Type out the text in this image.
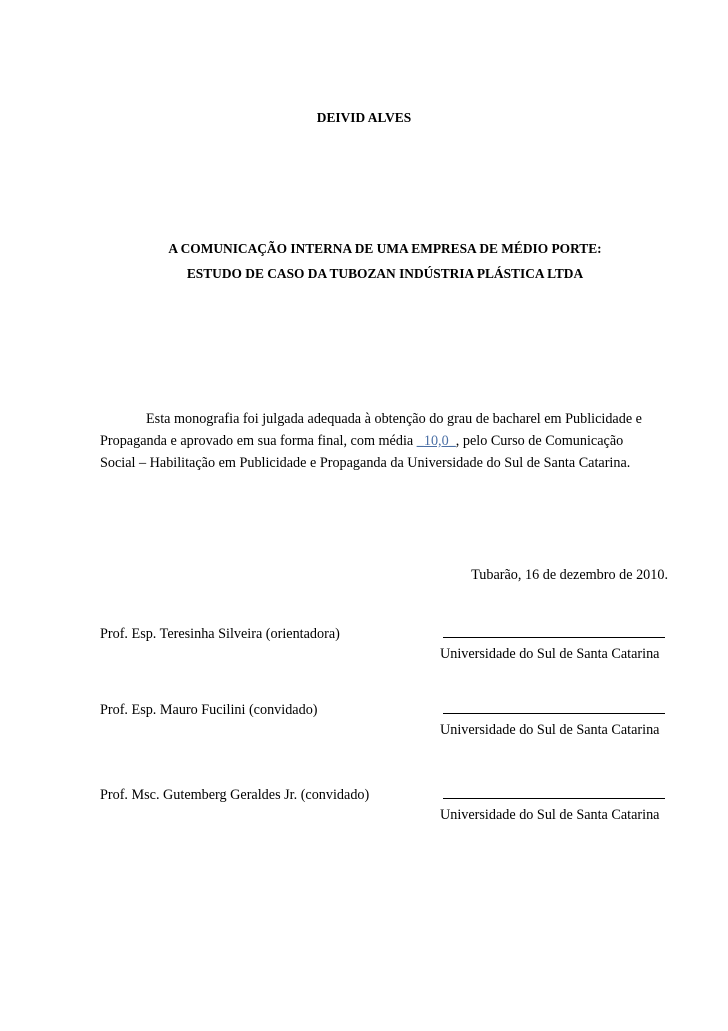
DEIVID ALVES
A COMUNICAÇÃO INTERNA DE UMA EMPRESA DE MÉDIO PORTE:
ESTUDO DE CASO DA TUBOZAN INDÚSTRIA PLÁSTICA LTDA
Esta monografia foi julgada adequada à obtenção do grau de bacharel em Publicidade e
Propaganda e aprovado em sua forma final, com média _10,0_, pelo Curso de Comunicação
Social – Habilitação em Publicidade e Propaganda da Universidade do Sul de Santa Catarina.
Tubarão, 16 de dezembro de 2010.
Prof. Esp. Teresinha Silveira (orientadora)
Universidade do Sul de Santa Catarina
Prof. Esp. Mauro Fucilini (convidado)
Universidade do Sul de Santa Catarina
Prof. Msc. Gutemberg Geraldes Jr. (convidado)
Universidade do Sul de Santa Catarina
